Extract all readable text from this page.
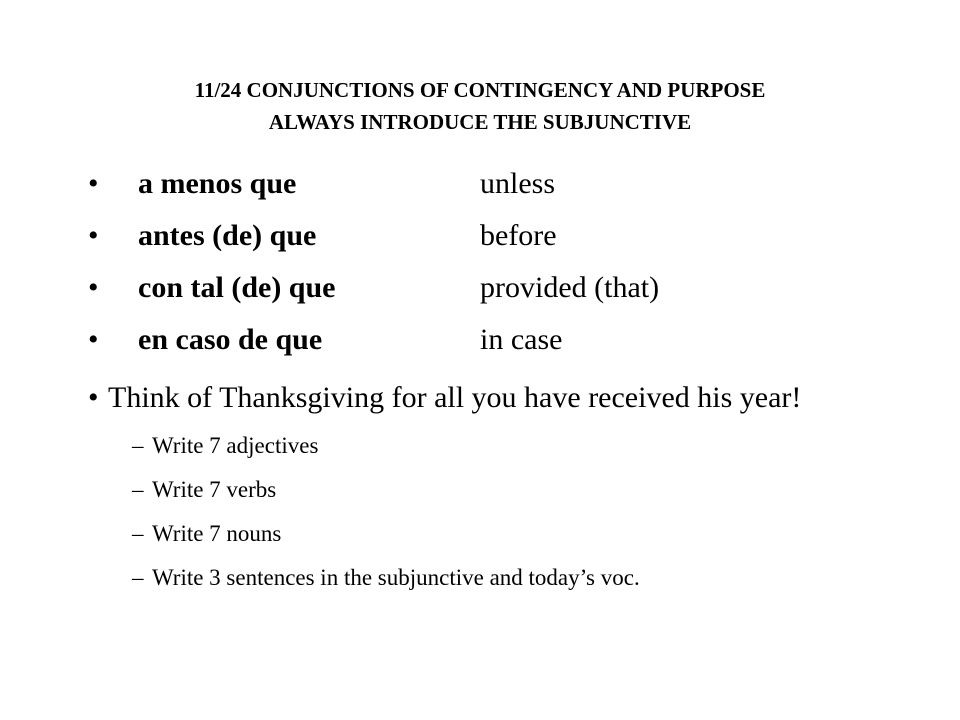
11/24 CONJUNCTIONS OF CONTINGENCY AND PURPOSE
ALWAYS INTRODUCE THE SUBJUNCTIVE
• a menos que	unless
• antes (de) que	before
• con tal (de) que	provided (that)
• en caso de que	in case
• Think of Thanksgiving for all you have received his year!
– Write 7 adjectives
– Write 7 verbs
– Write 7 nouns
– Write 3 sentences in the subjunctive and today’s voc.
